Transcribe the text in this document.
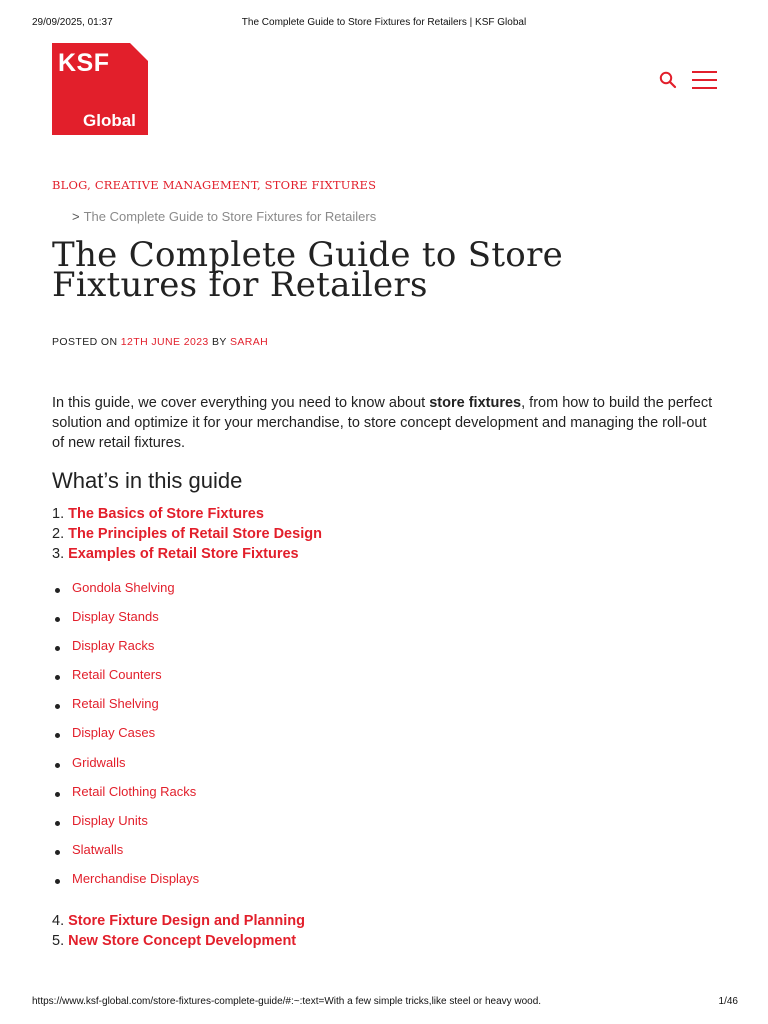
29/09/2025, 01:37	The Complete Guide to Store Fixtures for Retailers | KSF Global
KSF
Global
BLOG, CREATIVE MANAGEMENT, STORE FIXTURES
> The Complete Guide to Store Fixtures for Retailers
The Complete Guide to Store Fixtures for Retailers
POSTED ON 12TH JUNE 2023 BY SARAH

In this guide, we cover everything you need to know about store fixtures, from how to build the perfect solution and optimize it for your merchandise, to store concept development and managing the roll-out of new retail fixtures.

What’s in this guide
1. The Basics of Store Fixtures
2. The Principles of Retail Store Design
3. Examples of Retail Store Fixtures
Gondola Shelving
Display Stands
Display Racks
Retail Counters
Retail Shelving
Display Cases
Gridwalls
Retail Clothing Racks
Display Units
Slatwalls
Merchandise Displays
4. Store Fixture Design and Planning
5. New Store Concept Development
https://www.ksf-global.com/store-fixtures-complete-guide/#:~:text=With a few simple tricks,like steel or heavy wood.	1/46
